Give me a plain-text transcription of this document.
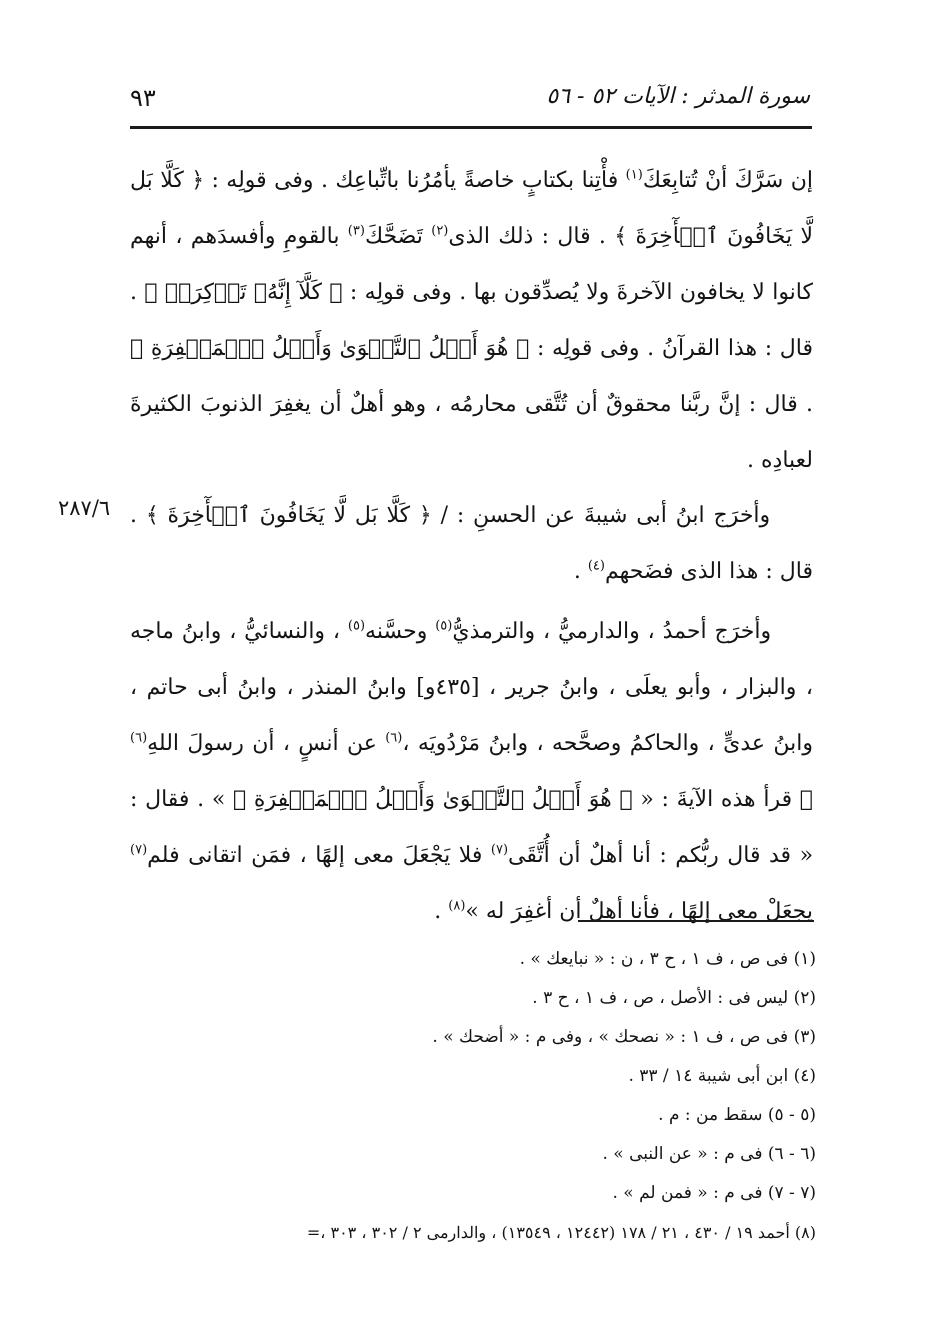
٩٣	سورة المدثر : الآيات ٥٢ - ٥٦

إن سَرَّكَ أنْ تُتابِعَكَ$^{(١)}$ فأْتِنا بكتابٍ خاصةً يأمُرُنا باتِّباعِك . وفى قولِه : ﴿ كَلَّا بَل لَّا يَخَافُونَ ٱلۡأٓخِرَةَ ﴾ . قال : ذلك الذى$^{(٢)}$ تَضَحَّكَ$^{(٣)}$ بالقومِ وأفسدَهم ، أنهم كانوا لا يخافون الآخرةَ ولا يُصدِّقون بها . وفى قولِه : ﴿ كَلَّآ إِنَّهُۥ تَذۡكِرَةٞ ﴾ . قال : هذا القرآنُ . وفى قولِه : ﴿ هُوَ أَهۡلُ ٱلتَّقۡوَىٰ وَأَهۡلُ ٱلۡمَغۡفِرَةِ ﴾ . قال : إنَّ ربَّنا محقوقٌ أن تُتَّقى محارمُه ، وهو أهلٌ أن يغفِرَ الذنوبَ الكثيرةَ لعبادِه .

٢٨٧/٦ وأخرَج ابنُ أبى شيبةَ عن الحسنِ : / ﴿ كَلَّا بَل لَّا يَخَافُونَ ٱلۡأٓخِرَةَ ﴾ . قال : هذا الذى فضَحهم$^{(٤)}$ .

وأخرَج أحمدُ ، والدارميُّ ، والترمذيُّ$^{(٥)}$ وحسَّنه$^{(٥)}$ ، والنسائيُّ ، وابنُ ماجه ، والبزار ، وأبو يعلَى ، وابنُ جرير ، [٤٣٥و] وابنُ المنذر ، وابنُ أبى حاتم ، وابنُ عدىٍّ ، والحاكمُ وصحَّحه ، وابنُ مَرْدُويَه ،$^{(٦)}$ عن أنسٍ ، أن رسولَ اللهِ$^{(٦)}$ ﷺ قرأ هذه الآيةَ : « ﴿ هُوَ أَهۡلُ ٱلتَّقۡوَىٰ وَأَهۡلُ ٱلۡمَغۡفِرَةِ ﴾ » . فقال : « قد قال ربُّكم : أنا أهلٌ أن أُتَّقَى$^{(٧)}$ فلا يَجْعَلَ معى إلهًا ، فمَن اتقانى فلم$^{(٧)}$ يجعَلْ معى إلهًا ، فأنا أهلٌ أن أغفِرَ له »$^{(٨)}$ .

(١) فى ص ، ف ١ ، ح ٣ ، ن : « نبايعك » .
(٢) ليس فى : الأصل ، ص ، ف ١ ، ح ٣ .
(٣) فى ص ، ف ١ : « نصحك » ، وفى م : « أضحك » .
(٤) ابن أبى شيبة ١٤ / ٣٣ .
(٥ - ٥) سقط من : م .
(٦ - ٦) فى م : « عن النبى » .
(٧ - ٧) فى م : « فمن لم » .
(٨) أحمد ١٩ / ٤٣٠ ، ٢١ / ١٧٨ (١٢٤٤٢ ، ١٣٥٤٩) ، والدارمى ٢ / ٣٠٢ ، ٣٠٣ ،=
